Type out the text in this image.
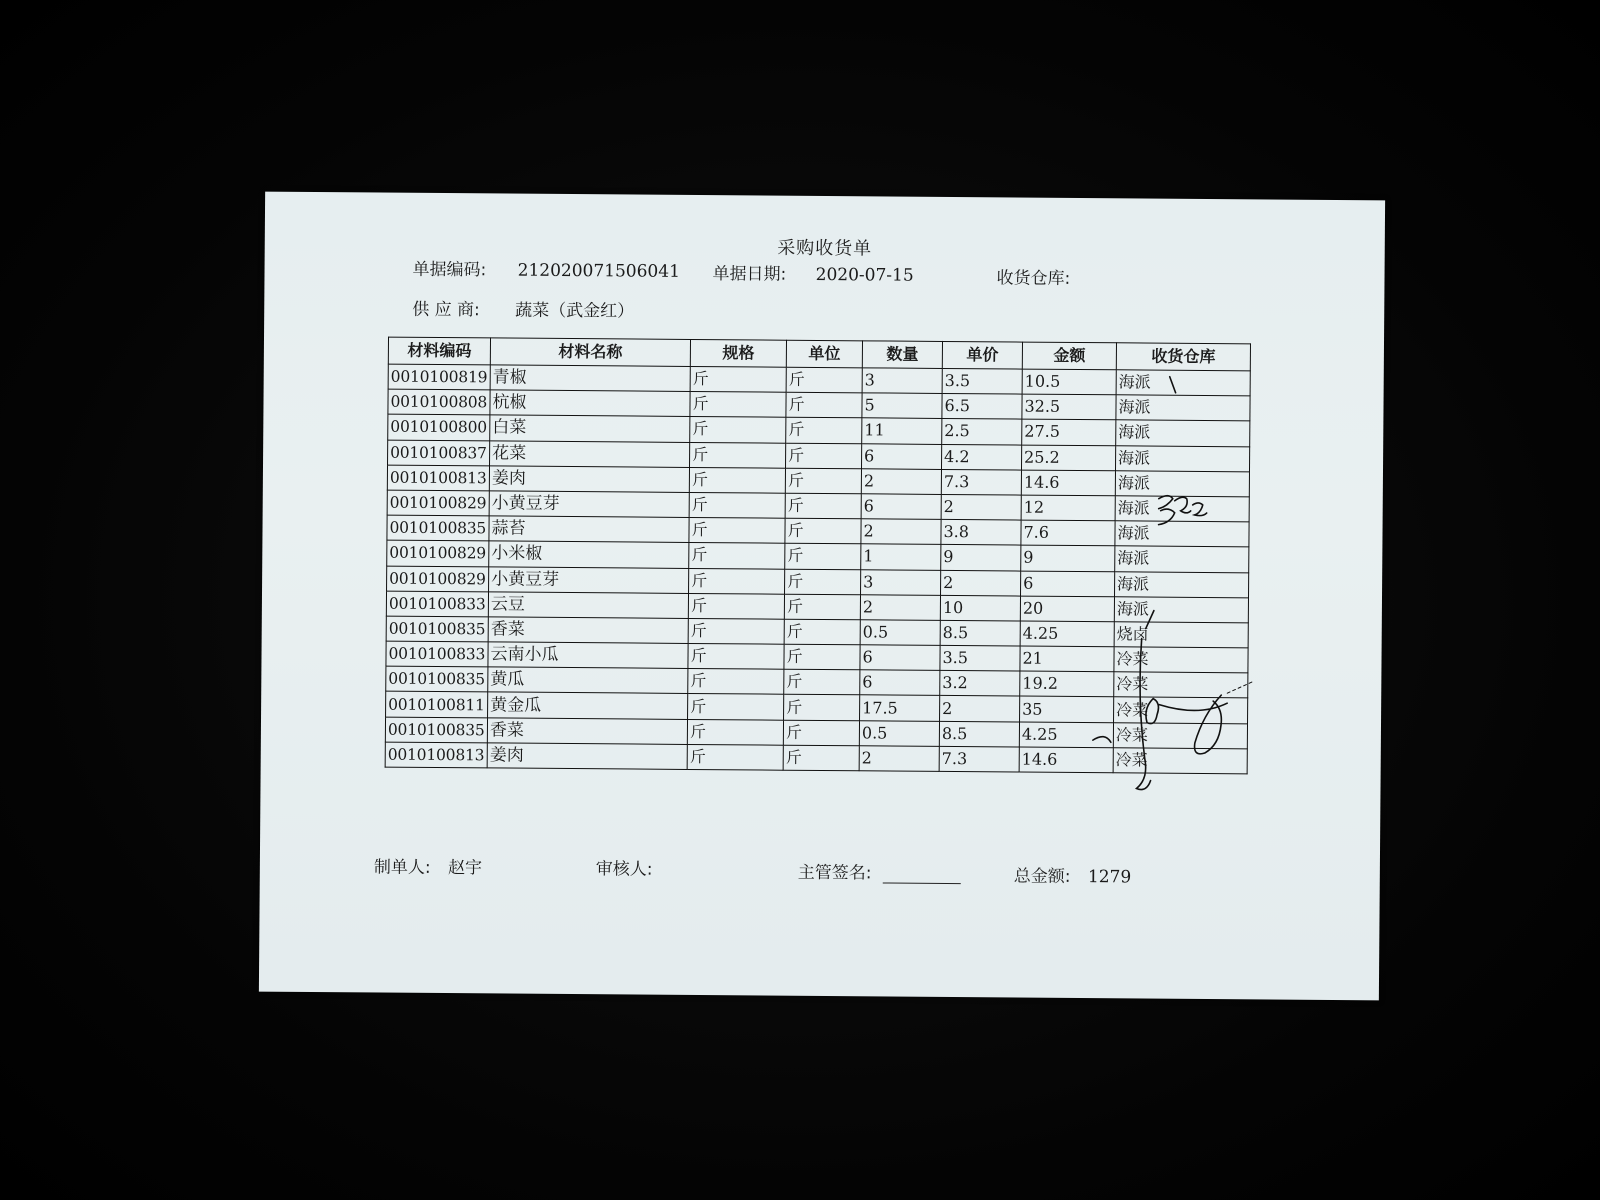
采购收货单
单据编码: 212020071506041 单据日期: 2020-07-15	收货仓库:
供 应 商: 蔬菜（武金红）
材料编码	材料名称	规格	单位	数量	单价	金额	收货仓库
0010100819	青椒	斤	斤	3	3.5	10.5	海派
0010100808	杭椒	斤	斤	5	6.5	32.5	海派
0010100800	白菜	斤	斤	11	2.5	27.5	海派
0010100837	花菜	斤	斤	6	4.2	25.2	海派
0010100813	姜肉	斤	斤	2	7.3	14.6	海派
0010100829	小黄豆芽	斤	斤	6	2	12	海派
0010100835	蒜苔	斤	斤	2	3.8	7.6	海派
0010100829	小米椒	斤	斤	1	9	9	海派
0010100829	小黄豆芽	斤	斤	3	2	6	海派
0010100833	云豆	斤	斤	2	10	20	海派
0010100835	香菜	斤	斤	0.5	8.5	4.25	烧卤
0010100833	云南小瓜	斤	斤	6	3.5	21	冷菜
0010100835	黄瓜	斤	斤	6	3.2	19.2	冷菜
0010100811	黄金瓜	斤	斤	17.5	2	35	冷菜
0010100835	香菜	斤	斤	0.5	8.5	4.25	冷菜
0010100813	姜肉	斤	斤	2	7.3	14.6	冷菜
制单人: 赵宇	审核人:	主管签名:	总金额: 1279
